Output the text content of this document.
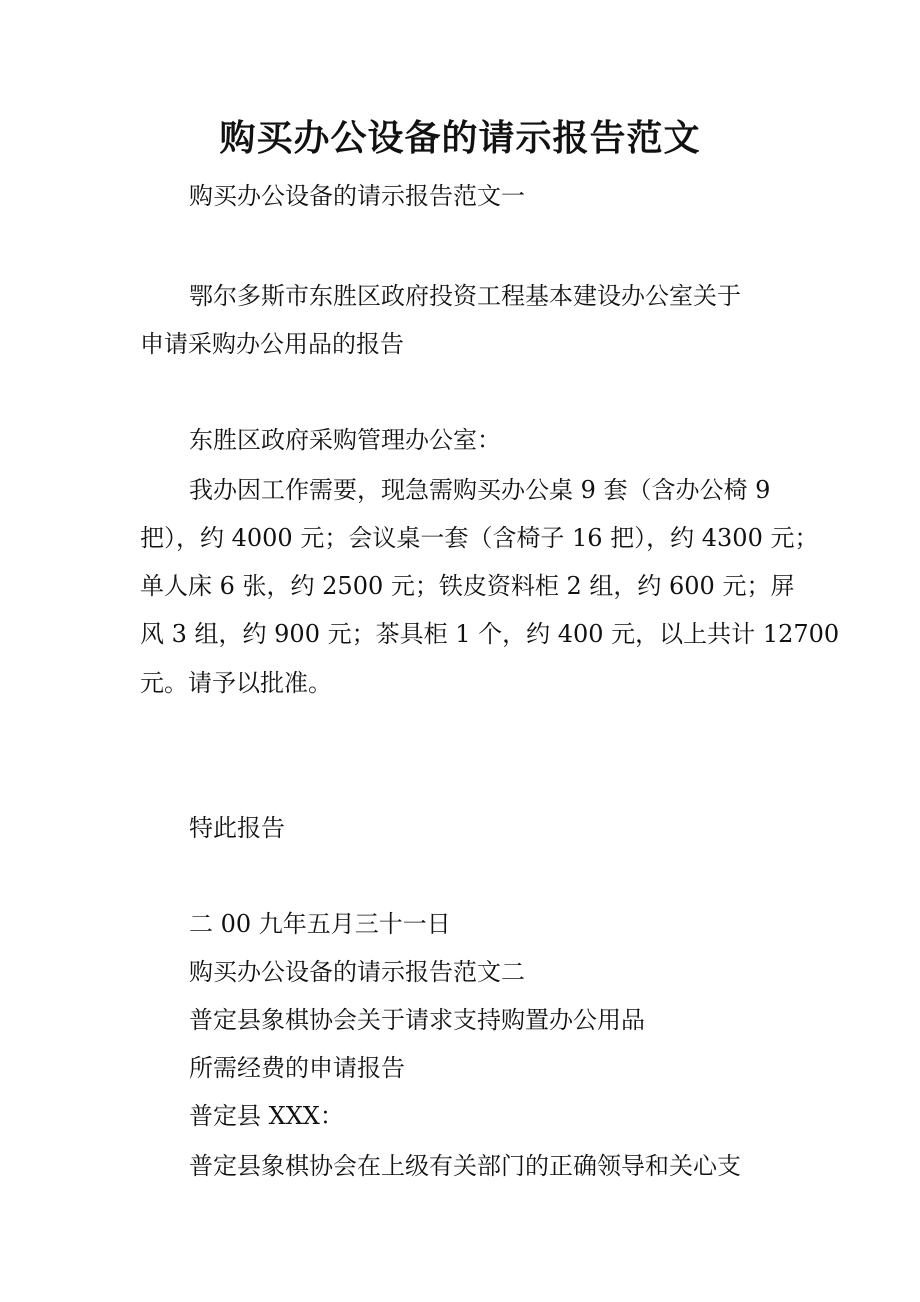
购买办公设备的请示报告范文
购买办公设备的请示报告范文一
鄂尔多斯市东胜区政府投资工程基本建设办公室关于
申请采购办公用品的报告
东胜区政府采购管理办公室：
我办因工作需要，现急需购买办公桌 9 套（含办公椅 9
把），约 4000 元；会议桌一套（含椅子 16 把），约 4300 元；
单人床 6 张，约 2500 元；铁皮资料柜 2 组，约 600 元；屏
风 3 组，约 900 元；茶具柜 1 个，约 400 元，以上共计 12700
元。请予以批准。
特此报告
二 00 九年五月三十一日
购买办公设备的请示报告范文二
普定县象棋协会关于请求支持购置办公用品
所需经费的申请报告
普定县 XXX：
普定县象棋协会在上级有关部门的正确领导和关心支
